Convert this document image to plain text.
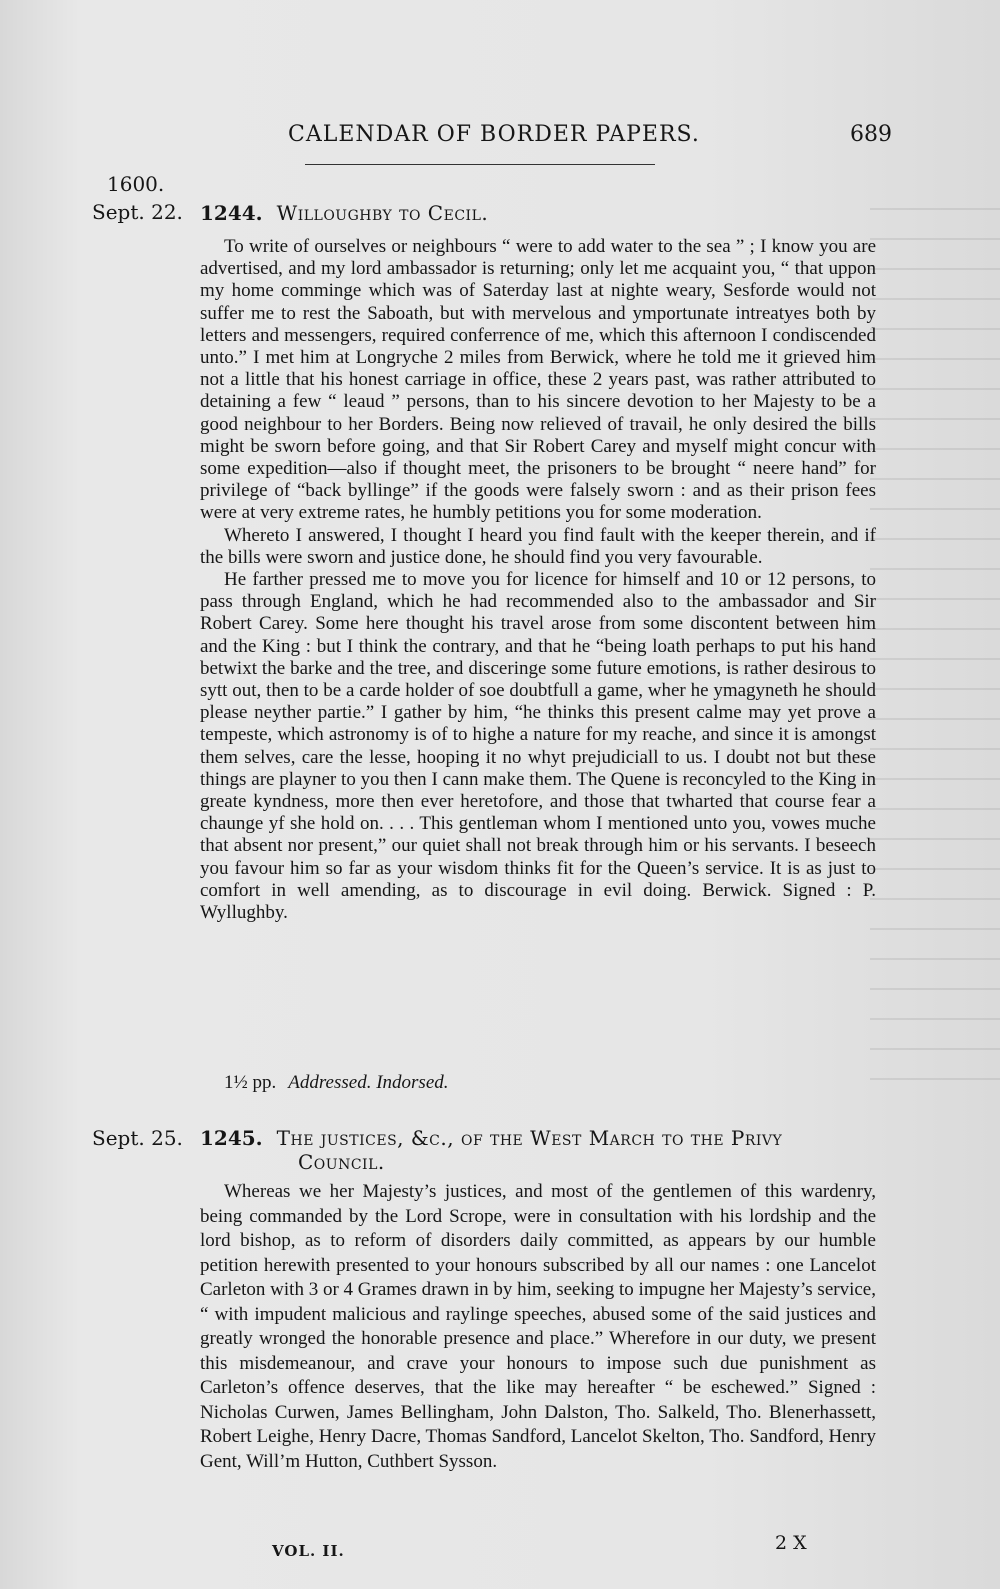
CALENDAR OF BORDER PAPERS.	689
1600.
Sept. 22. 1244. Willoughby to Cecil.

To write of ourselves or neighbours “ were to add water to the sea ” ; I know you are advertised, and my lord ambassador is returning; only let me acquaint you, “ that uppon my home comminge which was of Saterday last at nighte weary, Sesforde would not suffer me to rest the Saboath, but with mervelous and ymportunate intreatyes both by letters and messengers, required conferrence of me, which this afternoon I condiscended unto.” I met him at Longryche 2 miles from Berwick, where he told me it grieved him not a little that his honest carriage in office, these 2 years past, was rather attributed to detaining a few “ leaud ” persons, than to his sincere devotion to her Majesty to be a good neighbour to her Borders. Being now relieved of travail, he only desired the bills might be sworn before going, and that Sir Robert Carey and myself might concur with some expedition—also if thought meet, the prisoners to be brought “ neere hand” for privilege of “back byllinge” if the goods were falsely sworn : and as their prison fees were at very extreme rates, he humbly petitions you for some moderation.

Whereto I answered, I thought I heard you find fault with the keeper therein, and if the bills were sworn and justice done, he should find you very favourable.

He farther pressed me to move you for licence for himself and 10 or 12 persons, to pass through England, which he had recommended also to the ambassador and Sir Robert Carey. Some here thought his travel arose from some discontent between him and the King : but I think the contrary, and that he “being loath perhaps to put his hand betwixt the barke and the tree, and disceringe some future emotions, is rather desirous to sytt out, then to be a carde holder of soe doubtfull a game, wher he ymagyneth he should please neyther partie.” I gather by him, “he thinks this present calme may yet prove a tempeste, which astronomy is of to highe a nature for my reache, and since it is amongst them selves, care the lesse, hooping it no whyt prejudiciall to us. I doubt not but these things are playner to you then I cann make them. The Quene is reconcyled to the King in greate kyndness, more then ever heretofore, and those that twharted that course fear a chaunge yf she hold on. . . . This gentleman whom I mentioned unto you, vowes muche that absent nor present,” our quiet shall not break through him or his servants. I beseech you favour him so far as your wisdom thinks fit for the Queen’s service. It is as just to comfort in well amending, as to discourage in evil doing. Berwick. Signed : P. Wyllughby.

1½ pp. Addressed. Indorsed.
Sept. 25. 1245. The justices, &c., of the West March to the Privy
Council.

Whereas we her Majesty’s justices, and most of the gentlemen of this wardenry, being commanded by the Lord Scrope, were in consultation with his lordship and the lord bishop, as to reform of disorders daily committed, as appears by our humble petition herewith presented to your honours subscribed by all our names : one Lancelot Carleton with 3 or 4 Grames drawn in by him, seeking to impugne her Majesty’s service, “ with impudent malicious and raylinge speeches, abused some of the said justices and greatly wronged the honorable presence and place.” Wherefore in our duty, we present this misdemeanour, and crave your honours to impose such due punishment as Carleton’s offence deserves, that the like may hereafter “ be eschewed.” Signed : Nicholas Curwen, James Bellingham, John Dalston, Tho. Salkeld, Tho. Blenerhassett, Robert Leighe, Henry Dacre, Thomas Sandford, Lancelot Skelton, Tho. Sandford, Henry Gent, Will’m Hutton, Cuthbert Sysson.

VOL. II.	2 X
